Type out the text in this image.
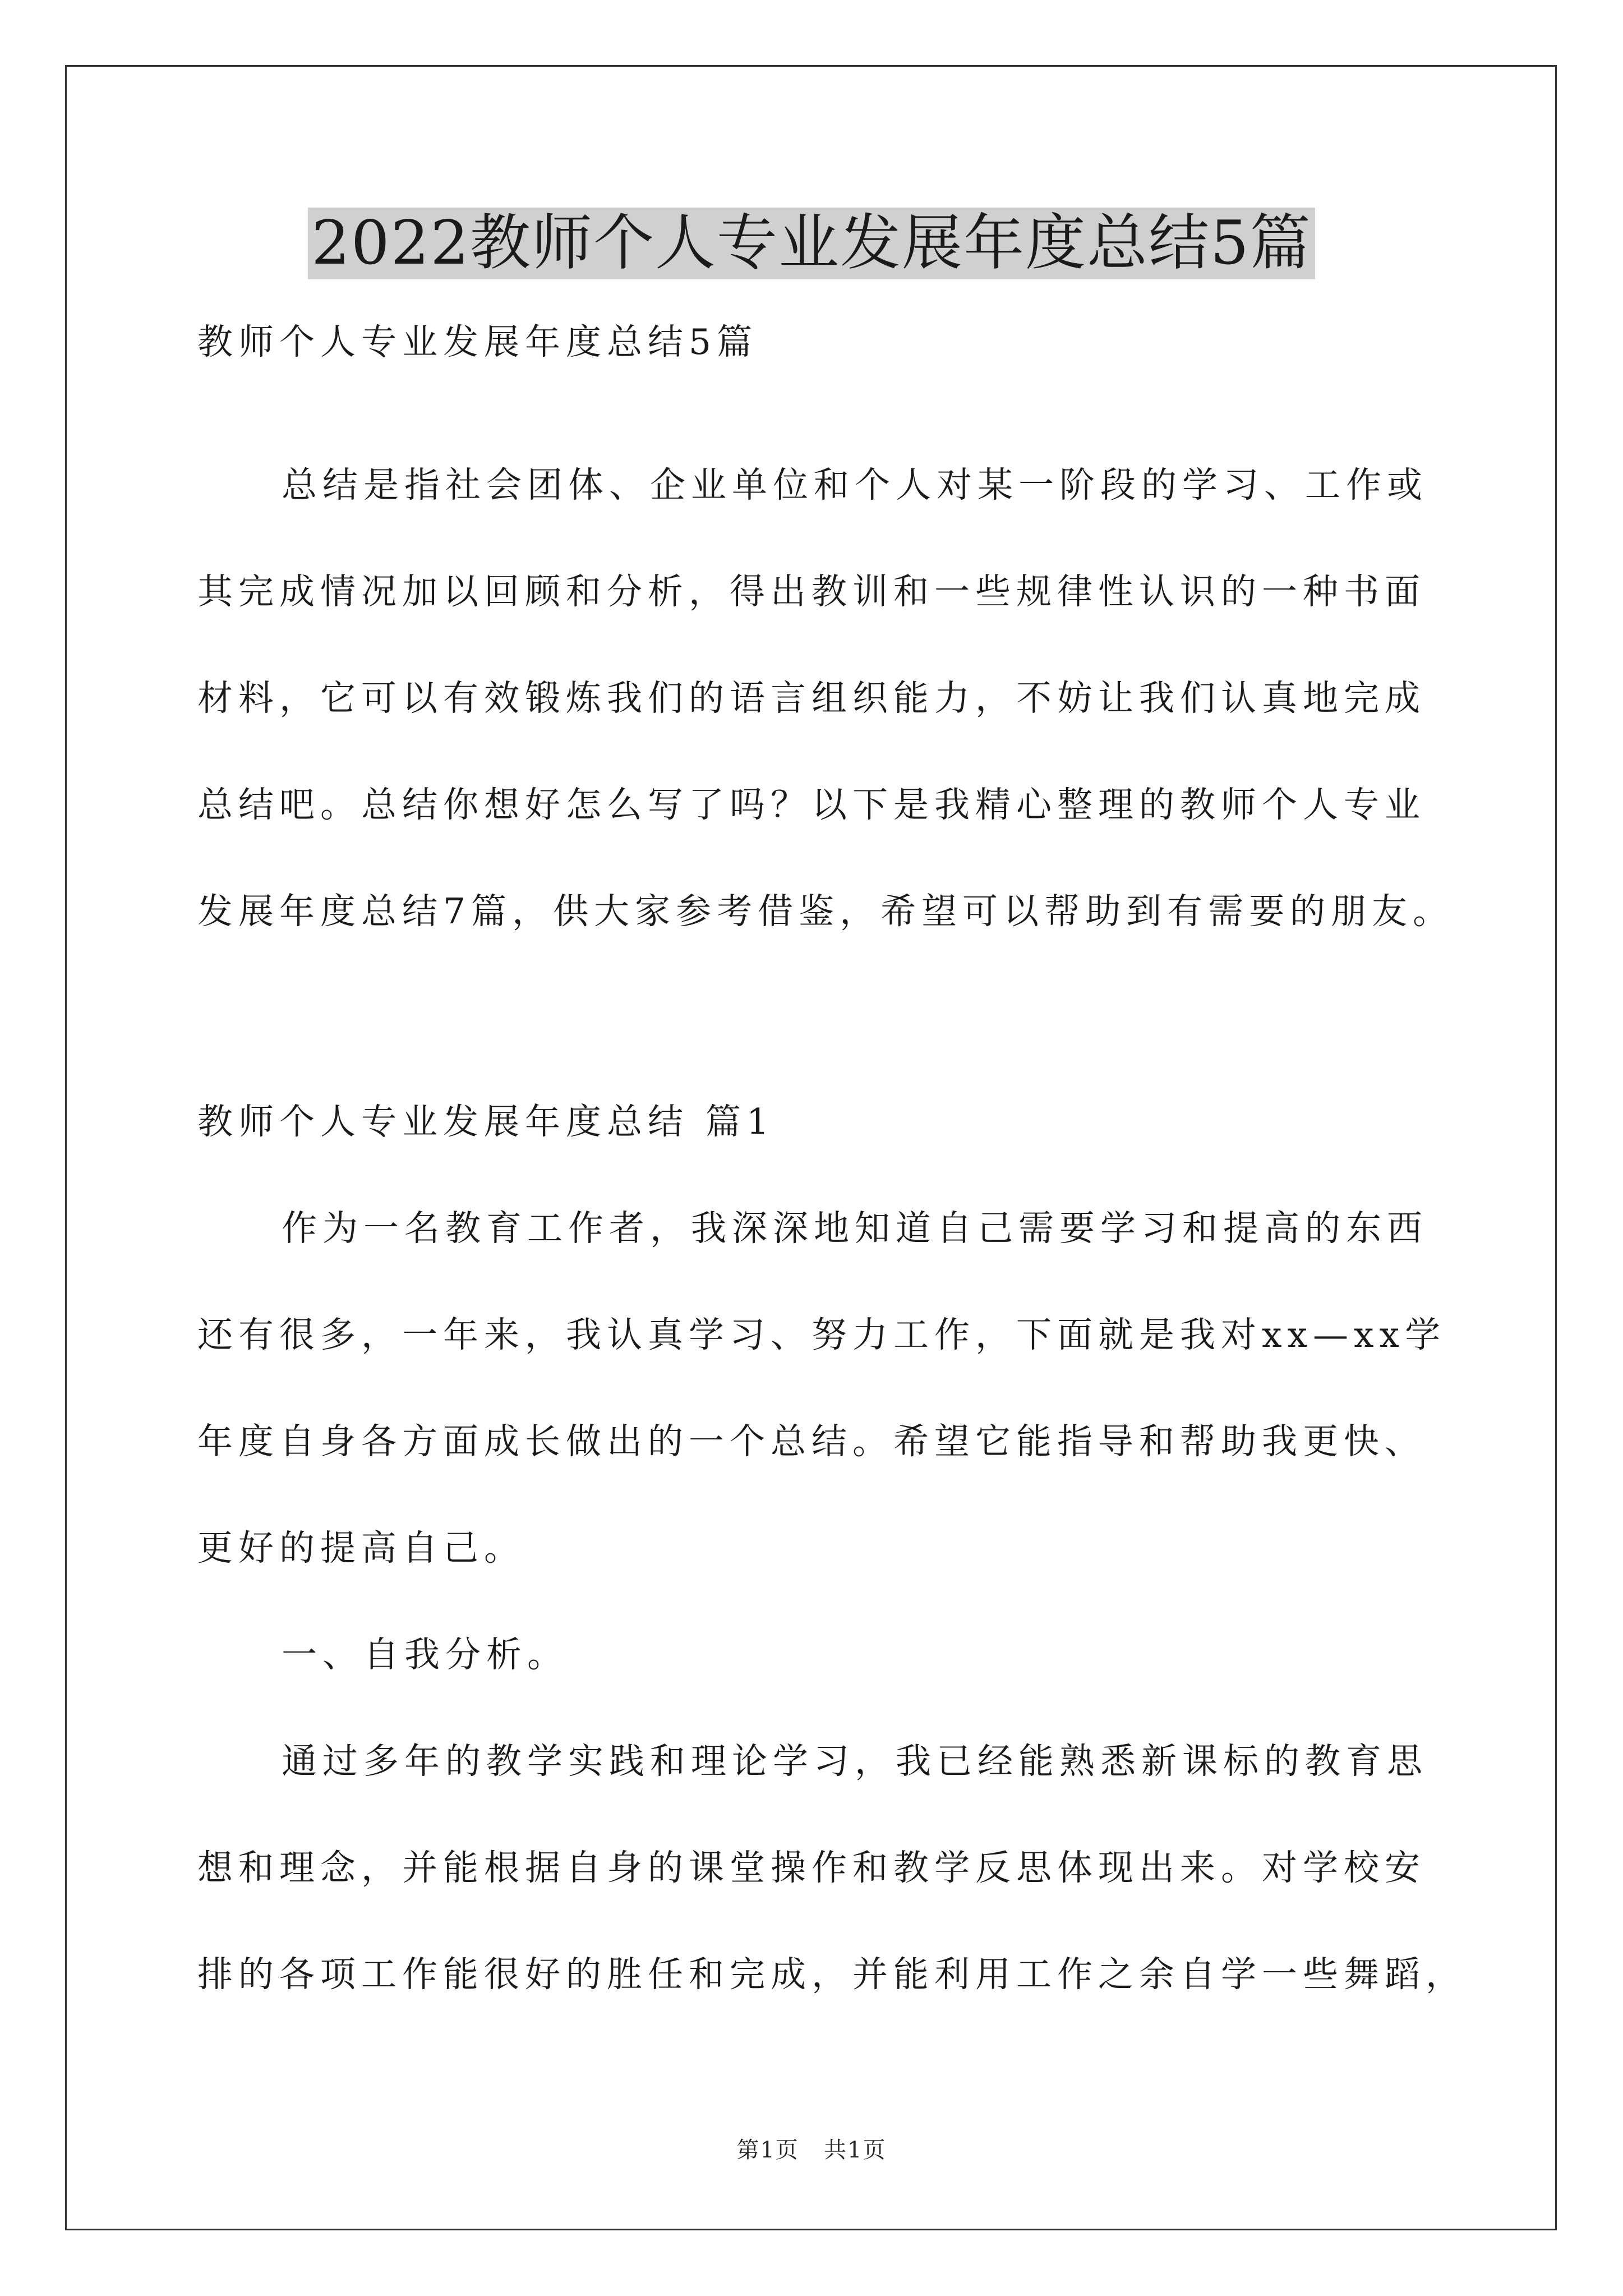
2022教师个人专业发展年度总结5篇
教师个人专业发展年度总结5篇
总结是指社会团体、企业单位和个人对某一阶段的学习、工作或
其完成情况加以回顾和分析，得出教训和一些规律性认识的一种书面
材料，它可以有效锻炼我们的语言组织能力，不妨让我们认真地完成
总结吧。总结你想好怎么写了吗？以下是我精心整理的教师个人专业
发展年度总结7篇，供大家参考借鉴，希望可以帮助到有需要的朋友。
教师个人专业发展年度总结 篇1
作为一名教育工作者，我深深地知道自己需要学习和提高的东西
还有很多，一年来，我认真学习、努力工作，下面就是我对xx—xx学
年度自身各方面成长做出的一个总结。希望它能指导和帮助我更快、
更好的提高自己。
一、自我分析。
通过多年的教学实践和理论学习，我已经能熟悉新课标的教育思
想和理念，并能根据自身的课堂操作和教学反思体现出来。对学校安
排的各项工作能很好的胜任和完成，并能利用工作之余自学一些舞蹈，
第1页   共1页
